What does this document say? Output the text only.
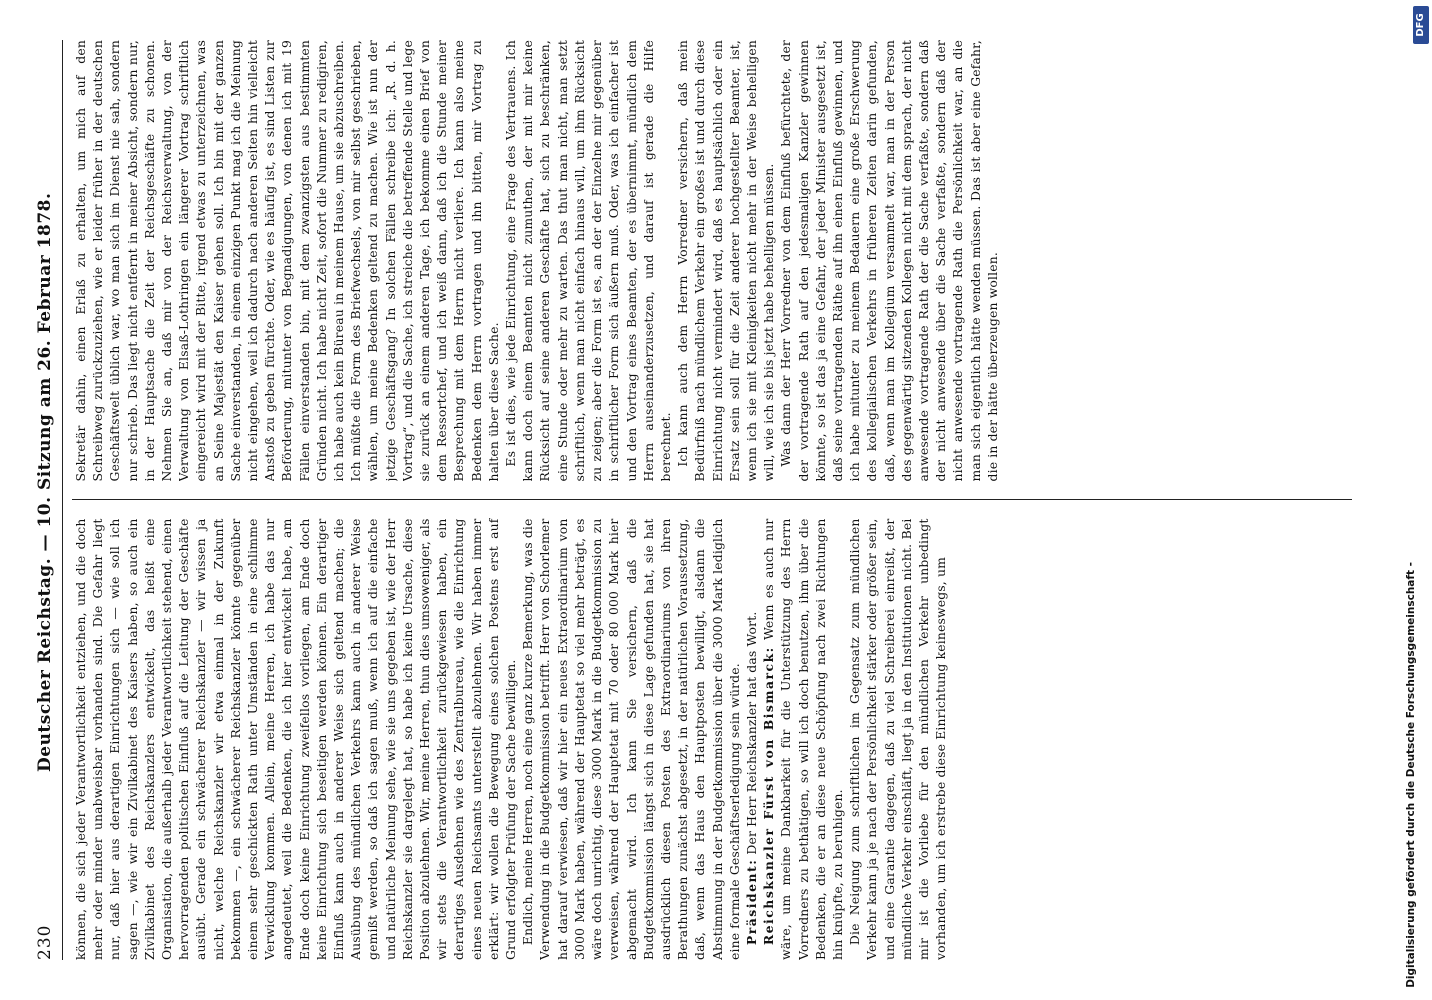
230
Deutscher Reichstag. — 10. Sitzung am 26. Februar 1878. können, die sich jeder Verantwortlichkeit entziehen, und die doch mehr oder minder unabweisbar vorhanden sind. Die Gefahr liegt nur, daß hier aus derartigen Einrichtungen sich — wie soll ich sagen —, wie wir ein Zivilkabinet des Kaisers haben, so auch ein Zivilkabinet des Reichskanzlers entwickelt, das heißt eine Organisation, die außerhalb jeder Verantwortlichkeit stehend, einen hervorragenden politischen Einfluß auf die Leitung der Geschäfte ausübt. Gerade ein schwächerer Reichskanzler — wir wissen ja nicht, welche Reichskanzler wir etwa einmal in der Zukunft bekommen —, ein schwächerer Reichskanzler könnte gegenüber einem sehr geschickten Rath unter Umständen in eine schlimme Verwicklung kommen. Allein, meine Herren, ich habe das nur angedeutet, weil die Bedenken, die ich hier entwickelt habe, am Ende doch keine Einrichtung zweifellos vorliegen, am Ende doch keine Einrichtung sich beseitigen werden können. Ein derartiger Einfluß kann auch in anderer Weise sich geltend machen; die Ausübung des mündlichen Verkehrs kann auch in anderer Weise gemißt werden, so daß ich sagen muß, wenn ich auf die einfache und natürliche Meinung sehe, wie sie uns gegeben ist, wie der Herr Reichskanzler sie dargelegt hat, so habe ich keine Ursache, diese Position abzulehnen. Wir, meine Herren, thun dies umsoweniger, als wir stets die Verantwortlichkeit zurückgewiesen haben, ein derartiges Ausdehnen wie des Zentralbureau, wie die Einrichtung eines neuen Reichsamts unterstellt abzulehnen. Wir haben immer erklärt: wir wollen die Bewegung eines solchen Postens erst auf Grund erfolgter Prüfung der Sache bewilligen. Endlich, meine Herren, noch eine ganz kurze Bemerkung, was die Verwendung in die Budgetkommission betrifft. Herr von Schorlemer hat darauf verwiesen, daß wir hier ein neues Extraordinarium von 3000 Mark haben, während der Hauptetat so viel mehr beträgt, es wäre doch unrichtig, diese 3000 Mark in die Budgetkommission zu verweisen, während der Hauptetat mit 70 oder 80 000 Mark hier abgemacht wird. Ich kann Sie versichern, daß die Budgetkommission längst sich in diese Lage gefunden hat, sie hat ausdrücklich diesen Posten des Extraordinariums von ihren Berathungen zunächst abgesetzt, in der natürlichen Voraussetzung, daß, wenn das Haus den Hauptposten bewilligt, alsdann die Abstimmung in der Budgetkommission über die 3000 Mark lediglich eine formale Geschäftserledigung sein würde. Präsident: Der Herr Reichskanzler hat das Wort. Reichskanzler Fürst von Bismarck: Wenn es auch nur wäre, um meine Dankbarkeit für die Unterstützung des Herrn Vorredners zu bethätigen, so will ich doch benutzen, ihm über die Bedenken, die er an diese neue Schöpfung nach zwei Richtungen hin knüpfte, zu beruhigen. Die Neigung zum schriftlichen im Gegensatz zum mündlichen Verkehr kann ja je nach der Persönlichkeit stärker oder größer sein, und eine Garantie dagegen, daß zu viel Schreiberei einreißt, der mündliche Verkehr einschläft, liegt ja in den Institutionen nicht. Bei mir ist die Vorliebe für den mündlichen Verkehr unbedingt vorhanden, um ich erstrebe diese Einrichtung keineswegs, um

Sekretär dahin, einen Erlaß zu erhalten, um mich auf den Schreibweg zurückzuziehen, wie er leider früher in der deutschen Geschäftswelt üblich war, wo man sich im Dienst nie sah, sondern nur schrieb. Das liegt nicht entfernt in meiner Absicht, sondern nur, in der Hauptsache die Zeit der Reichsgeschäfte zu schonen. Nehmen Sie an, daß mir von der Reichsverwaltung, von der Verwaltung von Elsaß-Lothringen ein längerer Vortrag schriftlich eingereicht wird mit der Bitte, irgend etwas zu unterzeichnen, was an Seine Majestät den Kaiser gehen soll. Ich bin mit der ganzen Sache einverstanden, in einem einzigen Punkt mag ich die Meinung nicht eingehen, weil ich dadurch nach anderen Seiten hin vielleicht Anstoß zu geben fürchte. Oder, wie es häufig ist, es sind Listen zur Beförderung, mitunter von Begnadigungen, von denen ich mit 19 Fällen einverstanden bin, mit dem zwanzigsten aus bestimmten Gründen nicht. Ich habe nicht Zeit, sofort die Nummer zu redigiren, ich habe auch kein Büreau in meinem Hause, um sie abzuschreiben. Ich müßte die Form des Briefwechsels, von mir selbst geschrieben, wählen, um meine Bedenken geltend zu machen. Wie ist nun der jetzige Geschäftsgang? In solchen Fällen schreibe ich: „R. d. h. Vortrag“, und die Sache, ich streiche die betreffende Stelle und lege sie zurück an einem anderen Tage, ich bekomme einen Brief von dem Ressortchef, und ich weiß dann, daß ich die Stunde meiner Besprechung mit dem Herrn nicht verliere. Ich kann also meine Bedenken dem Herrn vortragen und ihn bitten, mir Vortrag zu halten über diese Sache. Es ist dies, wie jede Einrichtung, eine Frage des Vertrauens. Ich kann doch einem Beamten nicht zumuthen, der mit mir keine Rücksicht auf seine anderen Geschäfte hat, sich zu beschränken, eine Stunde oder mehr zu warten. Das thut man nicht, man setzt schriftlich, wenn man nicht einfach hinaus will, um ihm Rücksicht zu zeigen; aber die Form ist es, an der der Einzelne mir gegenüber in schriftlicher Form sich äußern muß. Oder, was ich einfacher ist und den Vortrag eines Beamten, der es übernimmt, mündlich dem Herrn auseinanderzusetzen, und darauf ist gerade die Hilfe berechnet. Ich kann auch dem Herrn Vorredner versichern, daß mein Bedürfniß nach mündlichem Verkehr ein großes ist und durch diese Einrichtung nicht vermindert wird, daß es hauptsächlich oder ein Ersatz sein soll für die Zeit anderer hochgestellter Beamter, ist, wenn ich sie mit Kleinigkeiten nicht mehr in der Weise behelligen will, wie ich sie bis jetzt habe behelligen müssen. Was dann der Herr Vorredner von dem Einfluß befürchtete, der der vortragende Rath auf den jedesmaligen Kanzler gewinnen könnte, so ist das ja eine Gefahr, der jeder Minister ausgesetzt ist, daß seine vortragenden Räthe auf ihn einen Einfluß gewinnen, und ich habe mitunter zu meinem Bedauern eine große Erschwerung des kollegialischen Verkehrs in früheren Zeiten darin gefunden, daß, wenn man im Kollegium versammelt war, man in der Person des gegenwärtig sitzenden Kollegen nicht mit dem sprach, der nicht anwesende vortragende Rath der die Sache verfaßte, sondern daß der nicht anwesende über die Sache verfaßte, sondern daß der nicht anwesende vortragende Rath die Persönlichkeit war, an die man sich eigentlich hätte wenden müssen. Das ist aber eine Gefahr, die in der hätte überzeugen wollen.

Digitalisierung gefördert durch die Deutsche Forschungsgemeinschaft -
DFG
